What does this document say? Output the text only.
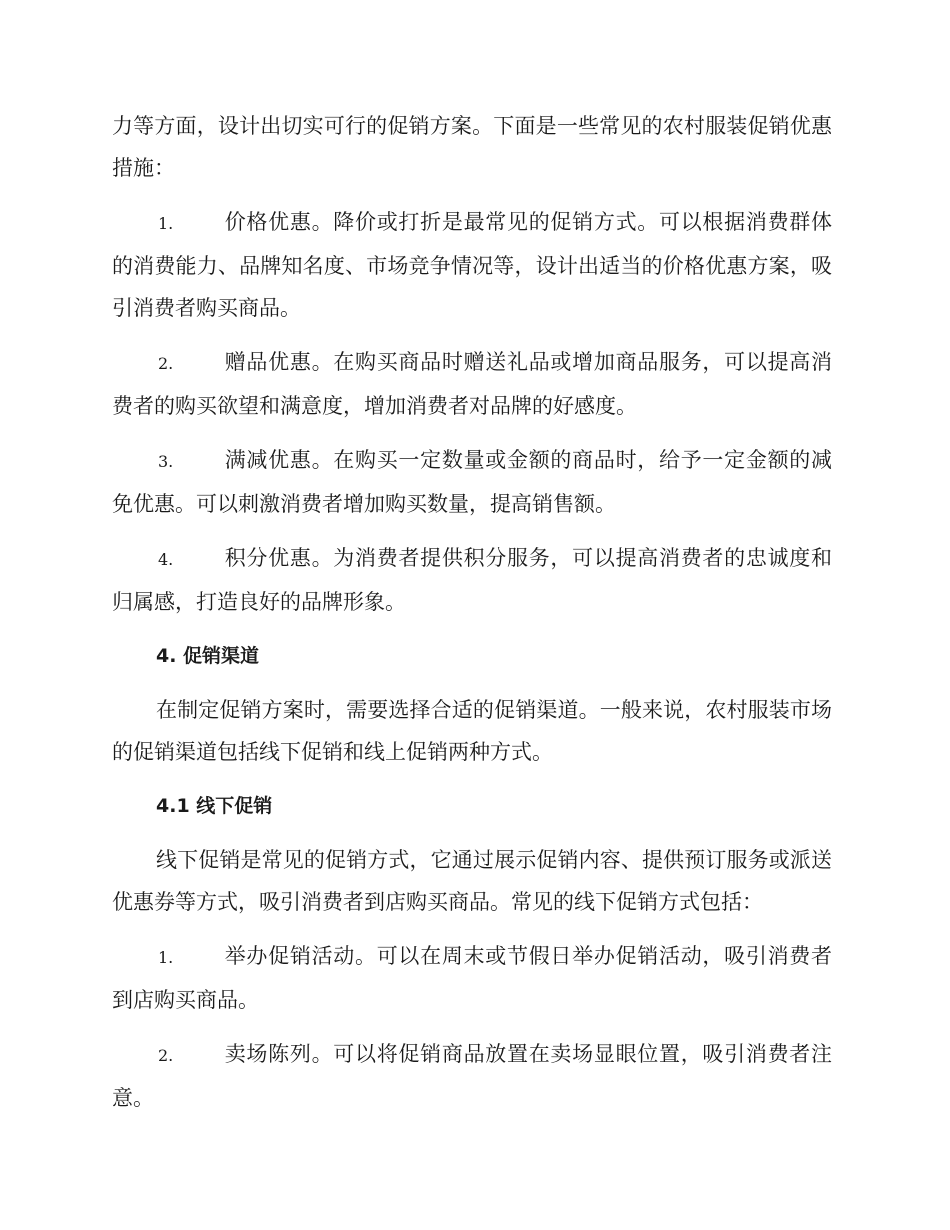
力等方面，设计出切实可行的促销方案。下面是一些常见的农村服装促销优惠措施：

1. 价格优惠。降价或打折是最常见的促销方式。可以根据消费群体的消费能力、品牌知名度、市场竞争情况等，设计出适当的价格优惠方案，吸引消费者购买商品。

2. 赠品优惠。在购买商品时赠送礼品或增加商品服务，可以提高消费者的购买欲望和满意度，增加消费者对品牌的好感度。

3. 满减优惠。在购买一定数量或金额的商品时，给予一定金额的减免优惠。可以刺激消费者增加购买数量，提高销售额。

4. 积分优惠。为消费者提供积分服务，可以提高消费者的忠诚度和归属感，打造良好的品牌形象。

4. 促销渠道

在制定促销方案时，需要选择合适的促销渠道。一般来说，农村服装市场的促销渠道包括线下促销和线上促销两种方式。

4.1 线下促销

线下促销是常见的促销方式，它通过展示促销内容、提供预订服务或派送优惠券等方式，吸引消费者到店购买商品。常见的线下促销方式包括：

1. 举办促销活动。可以在周末或节假日举办促销活动，吸引消费者到店购买商品。

2. 卖场陈列。可以将促销商品放置在卖场显眼位置，吸引消费者注意。
